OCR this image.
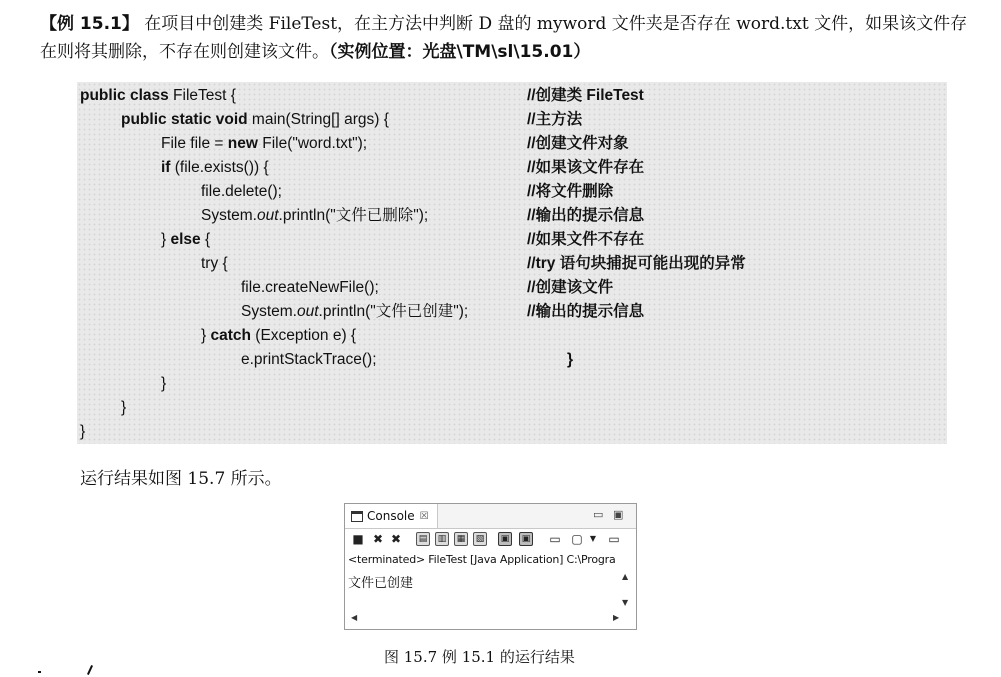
【例 15.1】 在项目中创建类 FileTest，在主方法中判断 D 盘的 myword 文件夹是否存在 word.txt 文件，如果该文件存在则将其删除，不存在则创建该文件。（实例位置：光盘\TM\sl\15.01）
public class FileTest {	//创建类 FileTest
public static void main(String[] args) {	//主方法
File file = new File("word.txt");	//创建文件对象
if (file.exists()) {	//如果该文件存在
file.delete();	//将文件删除
System.out.println("文件已删除");	//输出的提示信息
} else {	//如果文件不存在
try {	//try 语句块捕捉可能出现的异常
file.createNewFile();	//创建该文件
System.out.println("文件已创建");	//输出的提示信息
} catch (Exception e) {
e.printStackTrace();	}
}
}
}
运行结果如图 15.7 所示。
Console ☒	▭ ▣
■ ✖ ✖	▤	▥	▦	▧	▣	▣ ▭ ▢ ▼	▭
<terminated> FileTest [Java Application] C:\Progra
文件已创建	▲
▼
◀	▶
图 15.7 例 15.1 的运行结果
